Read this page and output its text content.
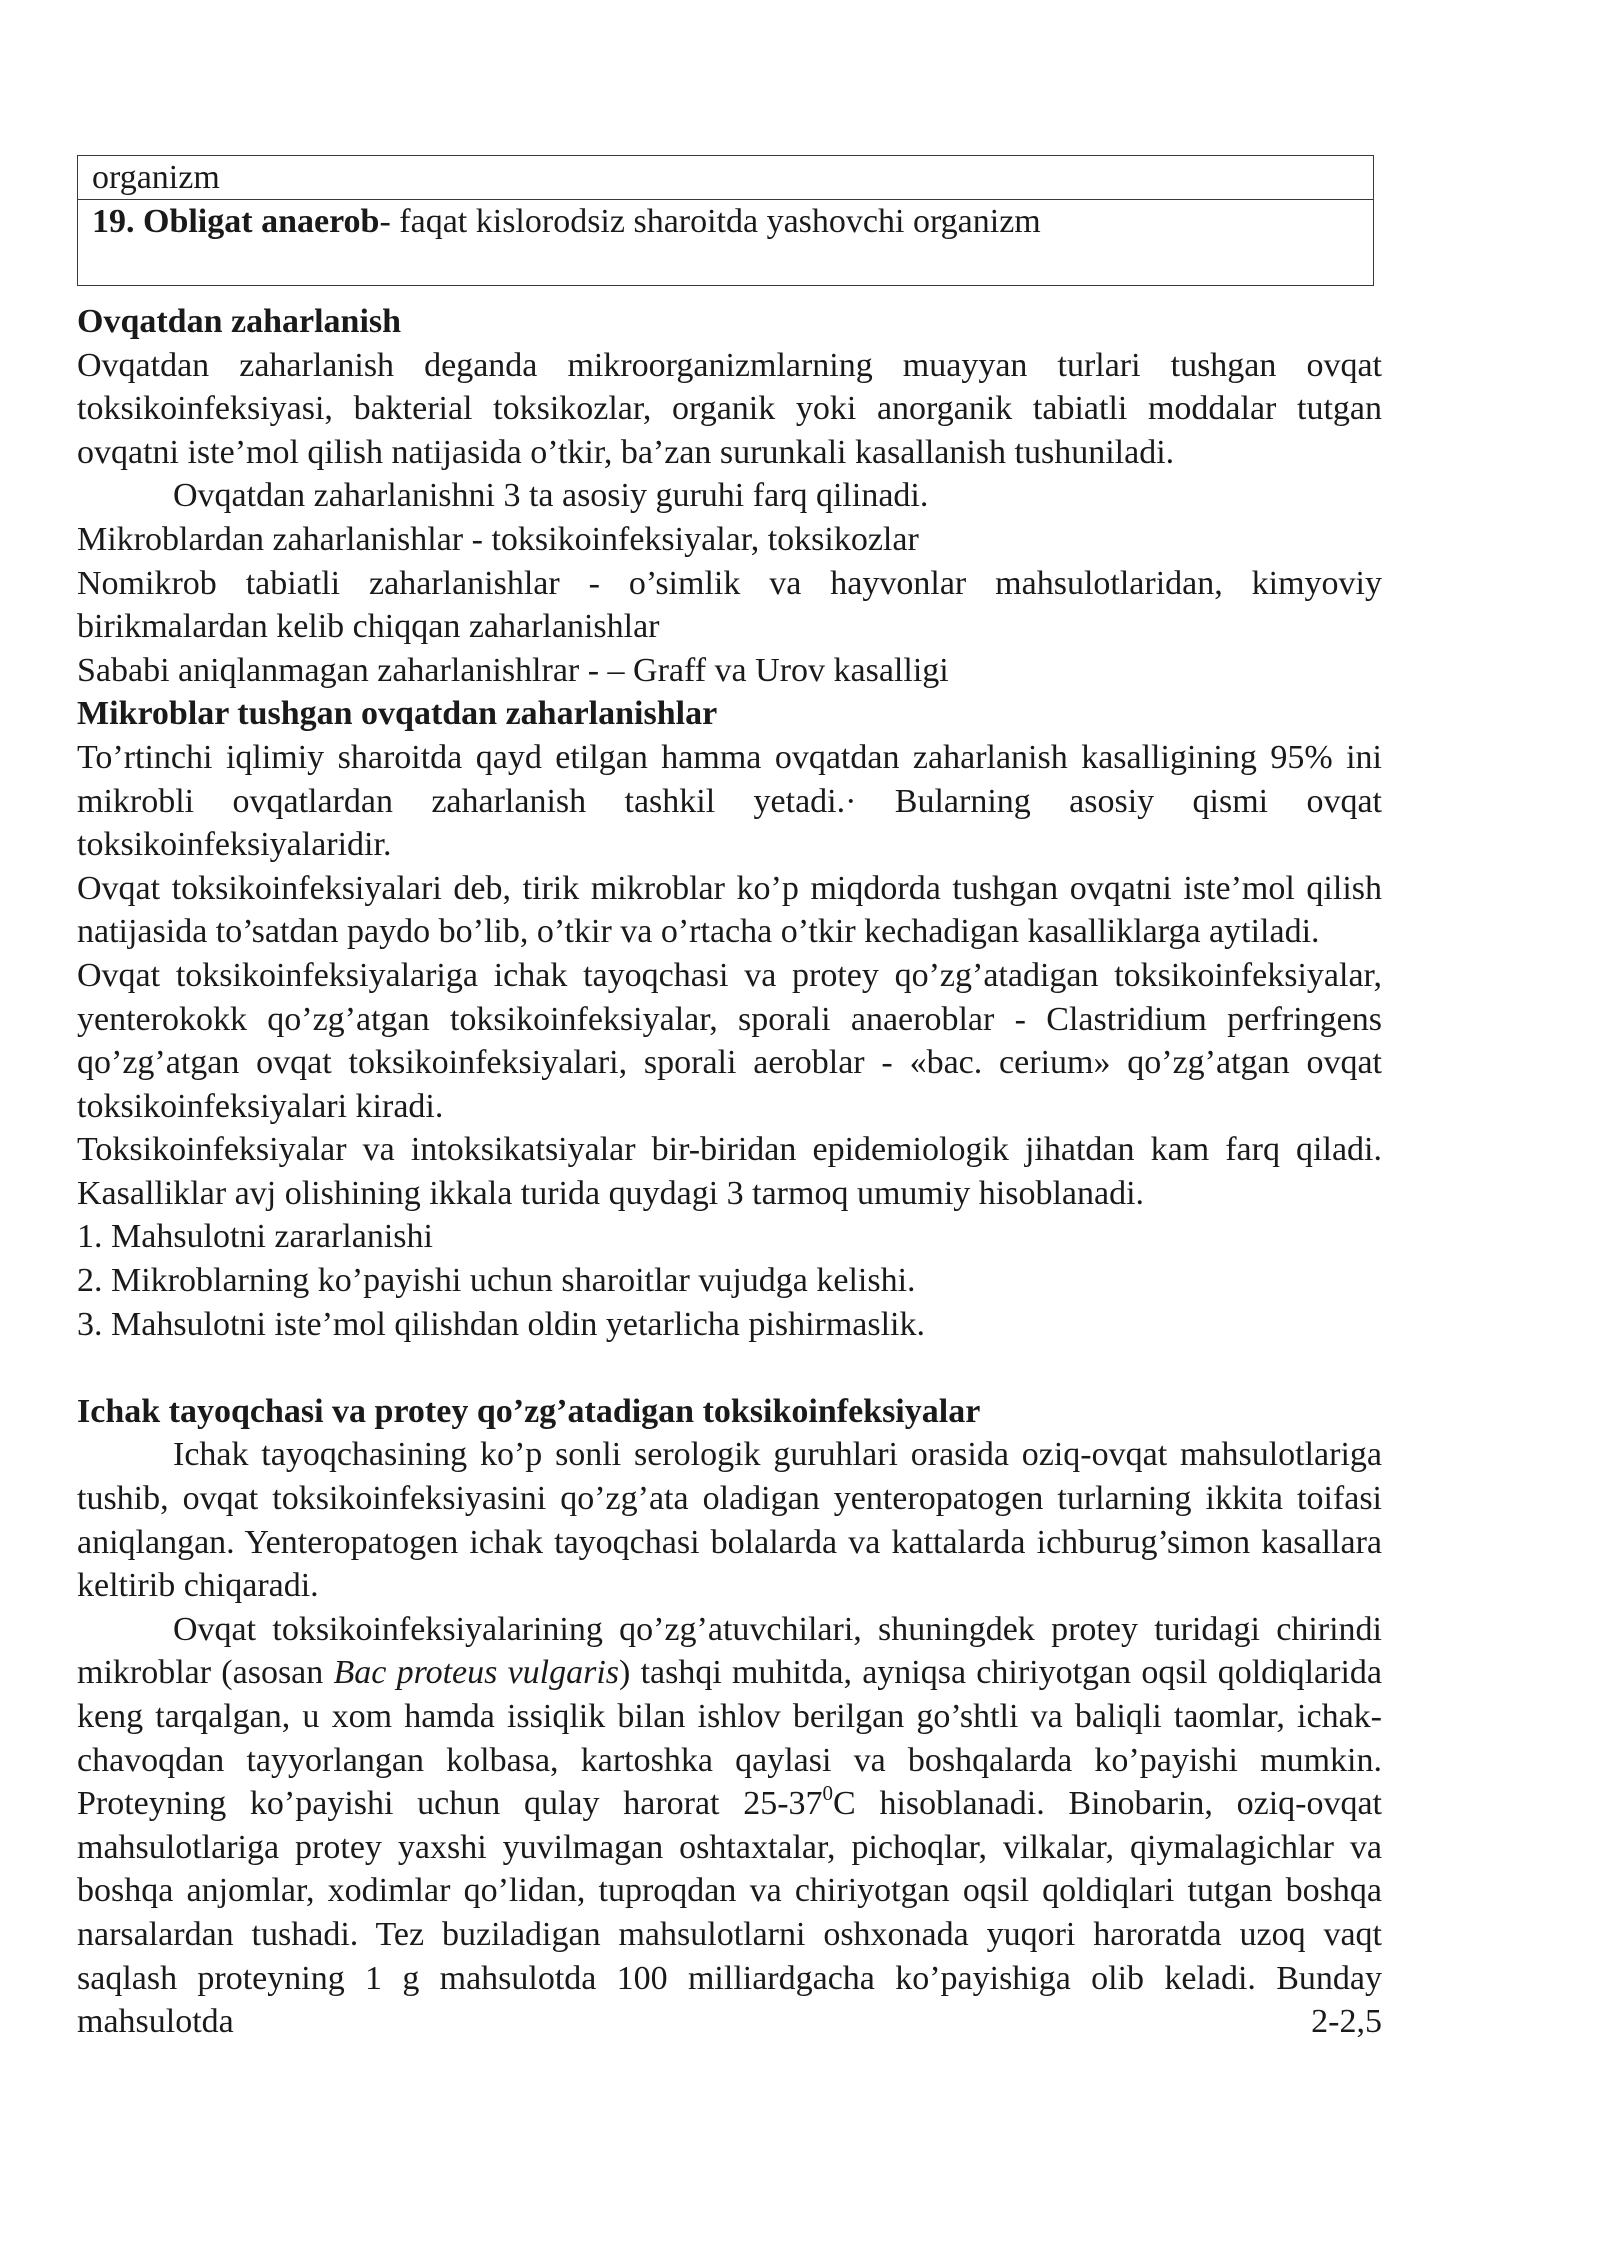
organizm
19. Obligat anaerob- faqat kislorodsiz sharoitda yashovchi organizm

Ovqatdan zaharlanish

Ovqatdan zaharlanish deganda mikroorganizmlarning muayyan turlari tushgan ovqat toksikoinfeksiyasi, bakterial toksikozlar, organik yoki anorganik tabiatli moddalar tutgan ovqatni iste’mol qilish natijasida o’tkir, ba’zan surunkali kasallanish tushuniladi.

Ovqatdan zaharlanishni 3 ta asosiy guruhi farq qilinadi.

Mikroblardan zaharlanishlar - toksikoinfeksiyalar, toksikozlar

Nomikrob tabiatli zaharlanishlar - o’simlik va hayvonlar mahsulotlaridan, kimyoviy birikmalardan kelib chiqqan zaharlanishlar

Sababi aniqlanmagan zaharlanishlrar - – Graff va Urov kasalligi

Mikroblar tushgan ovqatdan zaharlanishlar

To’rtinchi iqlimiy sharoitda qayd etilgan hamma ovqatdan zaharlanish kasalligining 95% ini mikrobli ovqatlardan zaharlanish tashkil yetadi.· Bularning asosiy qismi ovqat toksikoinfeksiyalaridir.

Ovqat toksikoinfeksiyalari deb, tirik mikroblar ko’p miqdorda tushgan ovqatni iste’mol qilish natijasida to’satdan paydo bo’lib, o’tkir va o’rtacha o’tkir kechadigan kasalliklarga aytiladi.

Ovqat toksikoinfeksiyalariga ichak tayoqchasi va protey qo’zg’atadigan toksikoinfeksiyalar, yenterokokk qo’zg’atgan toksikoinfeksiyalar, sporali anaeroblar - Clastridium perfringens qo’zg’atgan ovqat toksikoinfeksiyalari, sporali aeroblar - «bac. cerium» qo’zg’atgan ovqat toksikoinfeksiyalari kiradi.

Toksikoinfeksiyalar va intoksikatsiyalar bir-biridan epidemiologik jihatdan kam farq qiladi. Kasalliklar avj olishining ikkala turida quydagi 3 tarmoq umumiy hisoblanadi.

1. Mahsulotni zararlanishi

2. Mikroblarning ko’payishi uchun sharoitlar vujudga kelishi.

3. Mahsulotni iste’mol qilishdan oldin yetarlicha pishirmaslik.

Ichak tayoqchasi va protey qo’zg’atadigan toksikoinfeksiyalar

Ichak tayoqchasining ko’p sonli serologik guruhlari orasida oziq-ovqat mahsulotlariga tushib, ovqat toksikoinfeksiyasini qo’zg’ata oladigan yenteropatogen turlarning ikkita toifasi aniqlangan. Yenteropatogen ichak tayoqchasi bolalarda va kattalarda ichburug’simon kasallara keltirib chiqaradi.

Ovqat toksikoinfeksiyalarining qo’zg’atuvchilari, shuningdek protey turidagi chirindi mikroblar (asosan Bac proteus vulgaris) tashqi muhitda, ayniqsa chiriyotgan oqsil qoldiqlarida keng tarqalgan, u xom hamda issiqlik bilan ishlov berilgan go’shtli va baliqli taomlar, ichak-chavoqdan tayyorlangan kolbasa, kartoshka qaylasi va boshqalarda ko’payishi mumkin. Proteyning ko’payishi uchun qulay harorat $25-37^0C$ hisoblanadi. Binobarin, oziq-ovqat mahsulotlariga protey yaxshi yuvilmagan oshtaxtalar, pichoqlar, vilkalar, qiymalagichlar va boshqa anjomlar, xodimlar qo’lidan, tuproqdan va chiriyotgan oqsil qoldiqlari tutgan boshqa narsalardan tushadi. Tez buziladigan mahsulotlarni oshxonada yuqori haroratda uzoq vaqt saqlash proteyning 1 g mahsulotda 100 milliardgacha ko’payishiga olib keladi. Bunday mahsulotda 2-2,5
